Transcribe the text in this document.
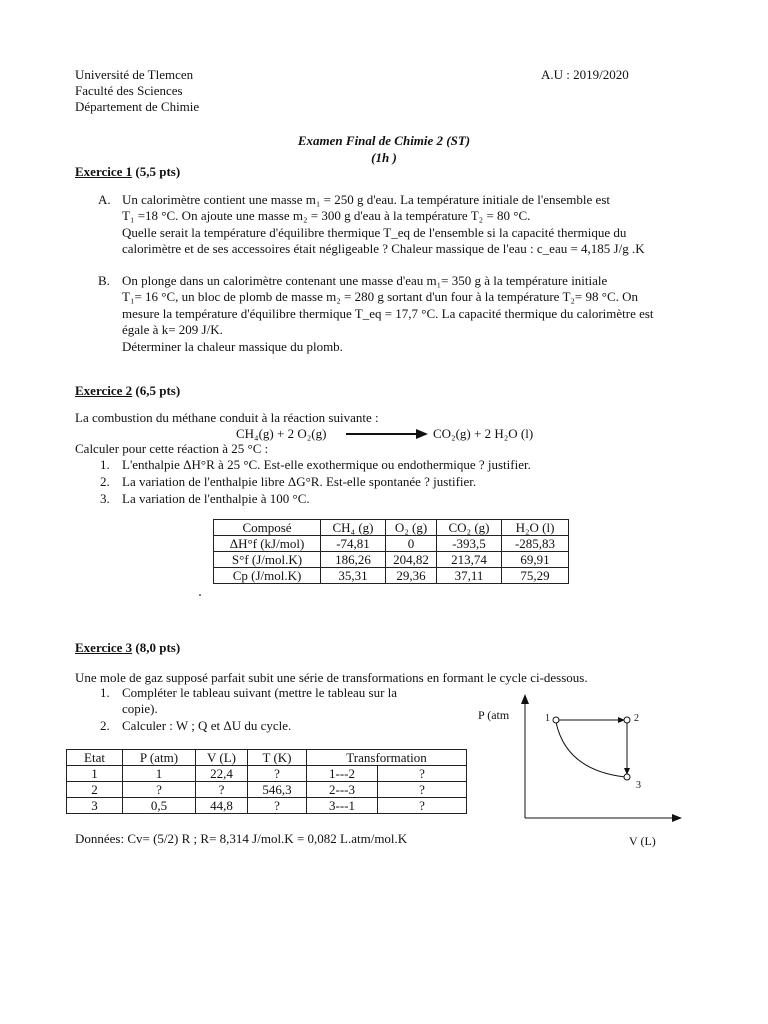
Université de Tlemcen
Faculté des Sciences
Département de Chimie
A.U : 2019/2020
Examen Final de Chimie 2 (ST)
(1h )
Exercice 1 (5,5 pts)
A. Un calorimètre contient une masse m₁ = 250 g d'eau. La température initiale de l'ensemble est
T₁ =18 °C. On ajoute une masse m₂ = 300 g d'eau à la température T₂ = 80 °C.
Quelle serait la température d'équilibre thermique T_eq de l'ensemble si la capacité thermique du
calorimètre et de ses accessoires était négligeable ? Chaleur massique de l'eau : c_eau = 4,185 J/g .K
B. On plonge dans un calorimètre contenant une masse d'eau m₁= 350 g à la température initiale
T₁= 16 °C, un bloc de plomb de masse m₂ = 280 g sortant d'un four à la température T₂= 98 °C. On
mesure la température d'équilibre thermique T_eq = 17,7 °C. La capacité thermique du calorimètre est
égale à k= 209 J/K.
Déterminer la chaleur massique du plomb.
Exercice 2 (6,5 pts)
La combustion du méthane conduit à la réaction suivante :
CH₄(g) + 2 O₂(g)	CO₂(g) + 2 H₂O (l)
Calculer pour cette réaction à 25 °C :
1. L'enthalpie ΔH°R à 25 °C. Est-elle exothermique ou endothermique ? justifier.
2. La variation de l'enthalpie libre ΔG°R. Est-elle spontanée ? justifier.
3. La variation de l'enthalpie à 100 °C.
Composé	CH₄ (g)	O₂ (g)	CO₂ (g)	H₂O (l)
ΔH°f (kJ/mol)	-74,81	0	-393,5	-285,83
S°f (J/mol.K)	186,26	204,82	213,74	69,91
Cp (J/mol.K)	35,31	29,36	37,11	75,29
Exercice 3 (8,0 pts)
Une mole de gaz supposé parfait subit une série de transformations en formant le cycle ci-dessous.
1. Compléter le tableau suivant (mettre le tableau sur la
copie).
2. Calculer : W ; Q et ΔU du cycle.
Etat	P (atm)	V (L)	T (K)	Transformation	
1	1	22,4	?	1---2	?
2	?	?	546,3	2---3	?
3	0,5	44,8	?	3---1	?
Données: Cv= (5/2) R ; R= 8,314 J/mol.K = 0,082 L.atm/mol.K
P (atm
V (L)
1	2
3
